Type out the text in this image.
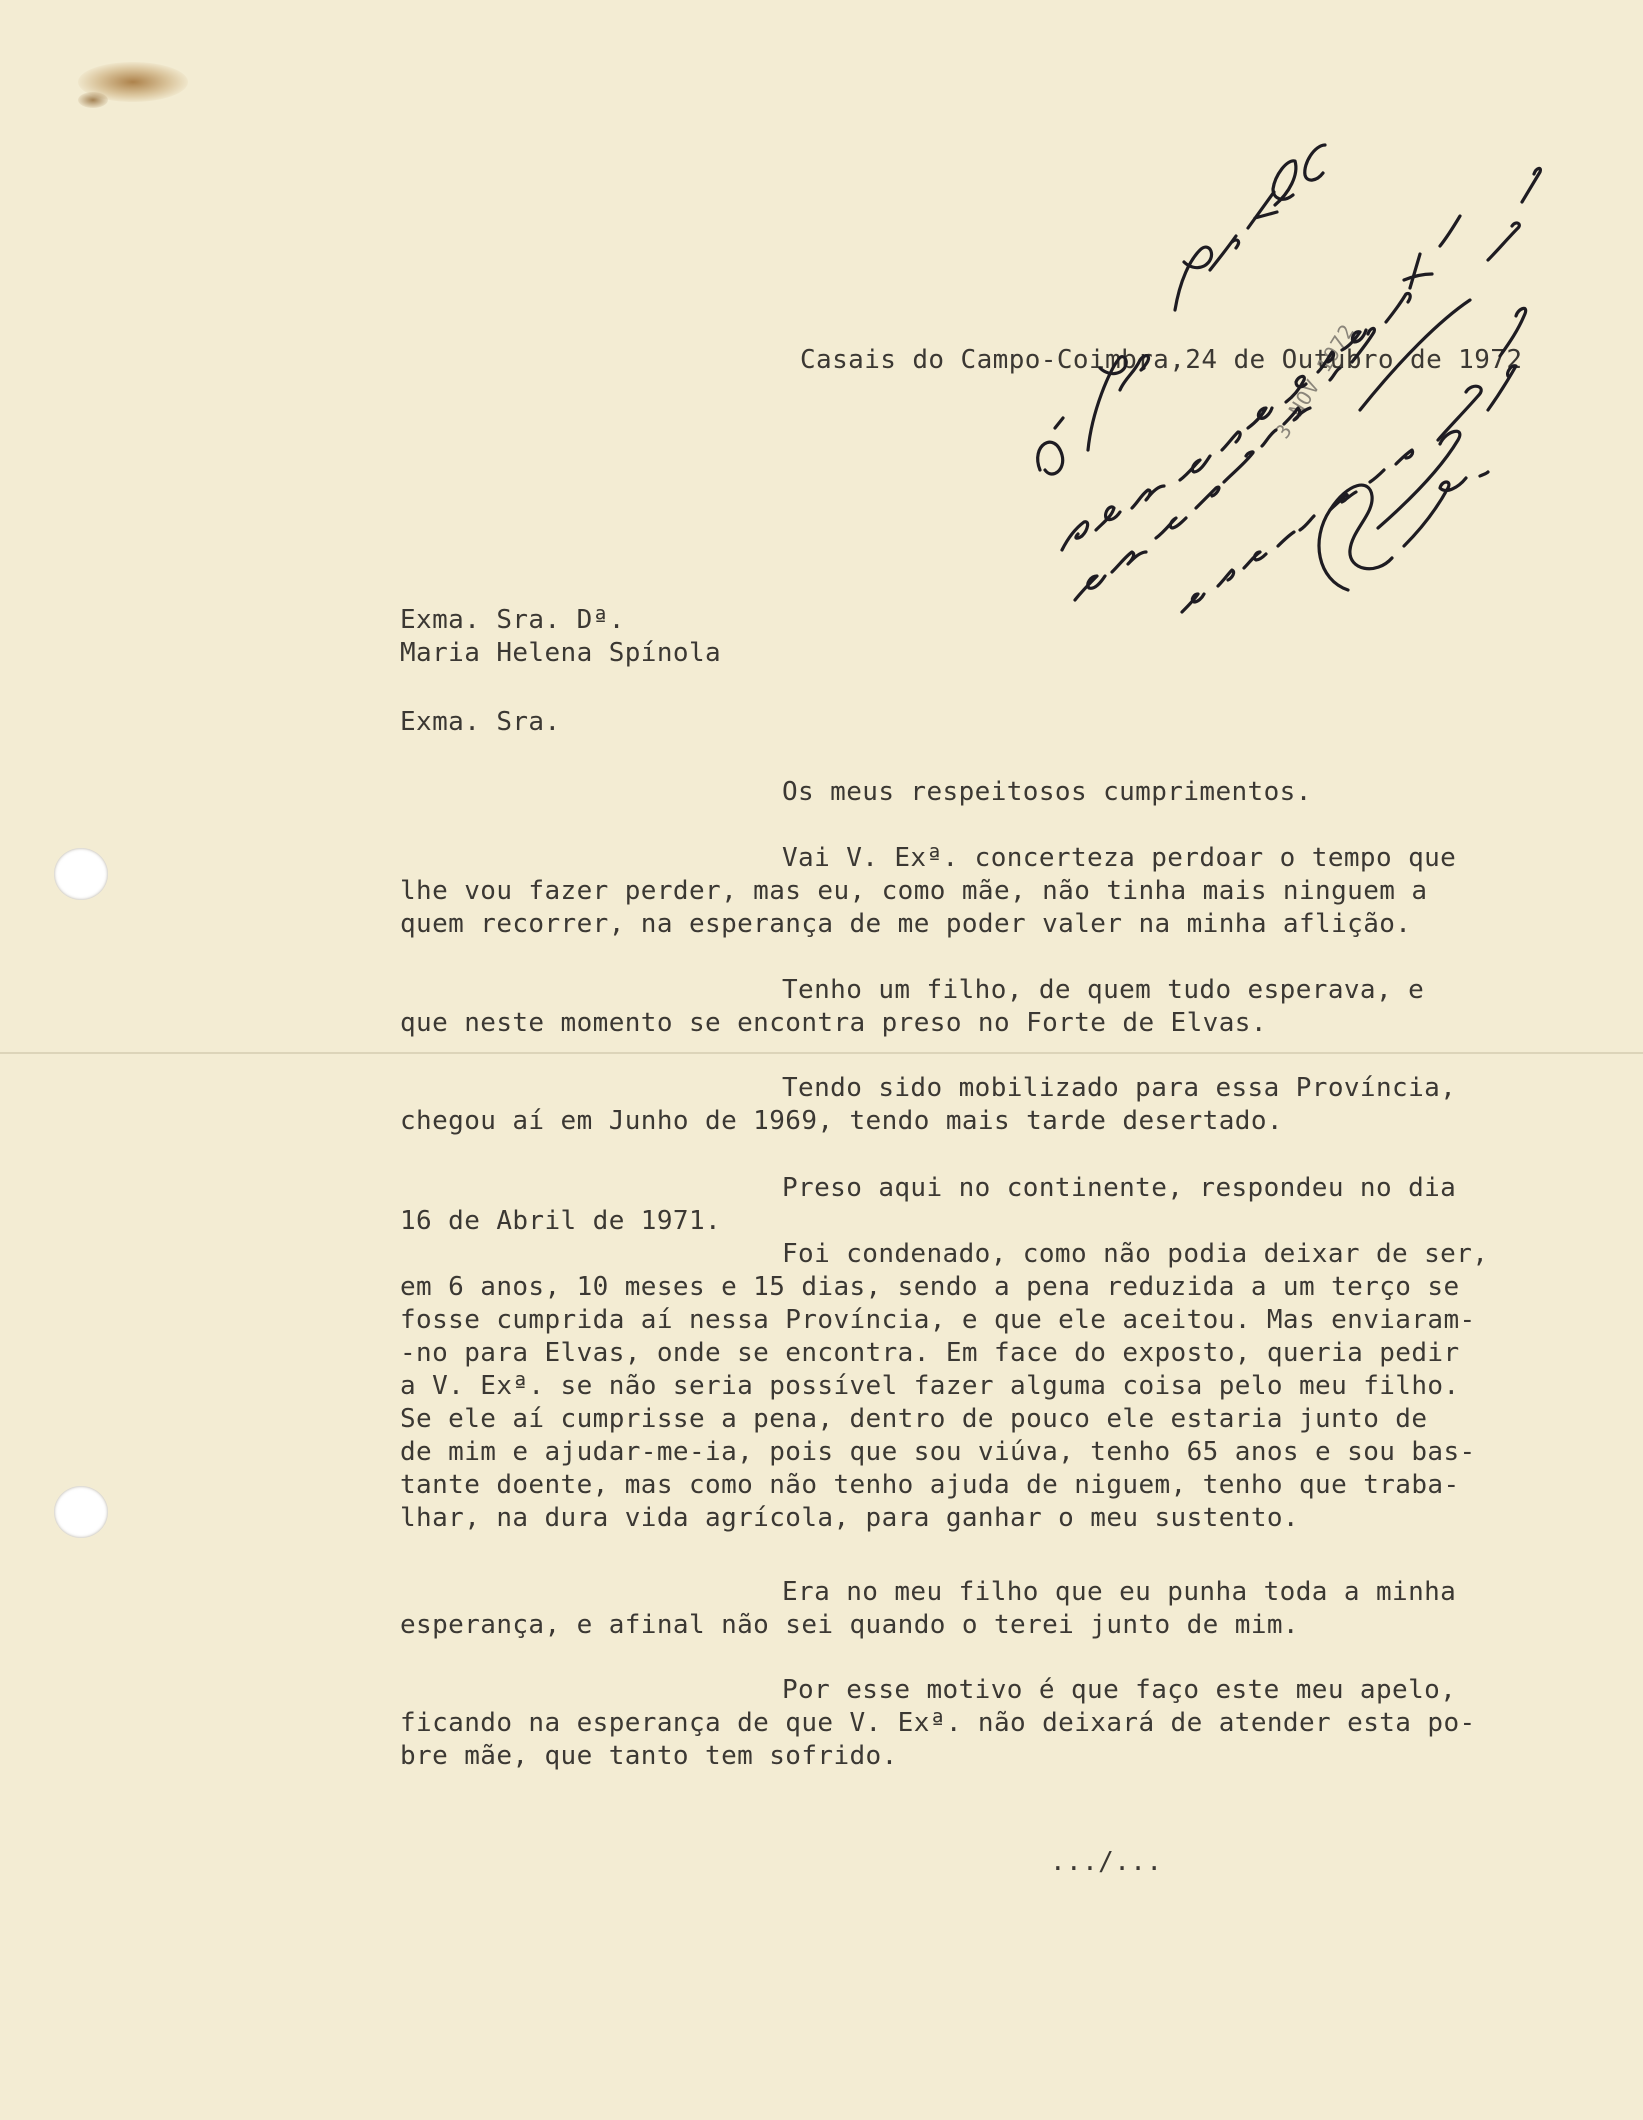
Casais do Campo-Coimbra,24 de Outubro de 1972

Exma. Sra. Dª.
Maria Helena Spínola

Exma. Sra.

Os meus respeitosos cumprimentos.

Vai V. Exª. concerteza perdoar o tempo que
lhe vou fazer perder, mas eu, como mãe, não tinha mais ninguem a
quem recorrer, na esperança de me poder valer na minha aflição.
Tenho um filho, de quem tudo esperava, e
que neste momento se encontra preso no Forte de Elvas.
Tendo sido mobilizado para essa Província,
chegou aí em Junho de 1969, tendo mais tarde desertado.
Preso aqui no continente, respondeu no dia
16 de Abril de 1971.
Foi condenado, como não podia deixar de ser,
em 6 anos, 10 meses e 15 dias, sendo a pena reduzida a um terço se
fosse cumprida aí nessa Província, e que ele aceitou. Mas enviaram-
-no para Elvas, onde se encontra. Em face do exposto, queria pedir
a V. Exª. se não seria possível fazer alguma coisa pelo meu filho.
Se ele aí cumprisse a pena, dentro de pouco ele estaria junto de
de mim e ajudar-me-ia, pois que sou viúva, tenho 65 anos e sou bas-
tante doente, mas como não tenho ajuda de niguem, tenho que traba-
lhar, na dura vida agrícola, para ganhar o meu sustento.
Era no meu filho que eu punha toda a minha
esperança, e afinal não sei quando o terei junto de mim.
Por esse motivo é que faço este meu apelo,
ficando na esperança de que V. Exª. não deixará de atender esta po-
bre mãe, que tanto tem sofrido.

.../...

3 NOV 1972
